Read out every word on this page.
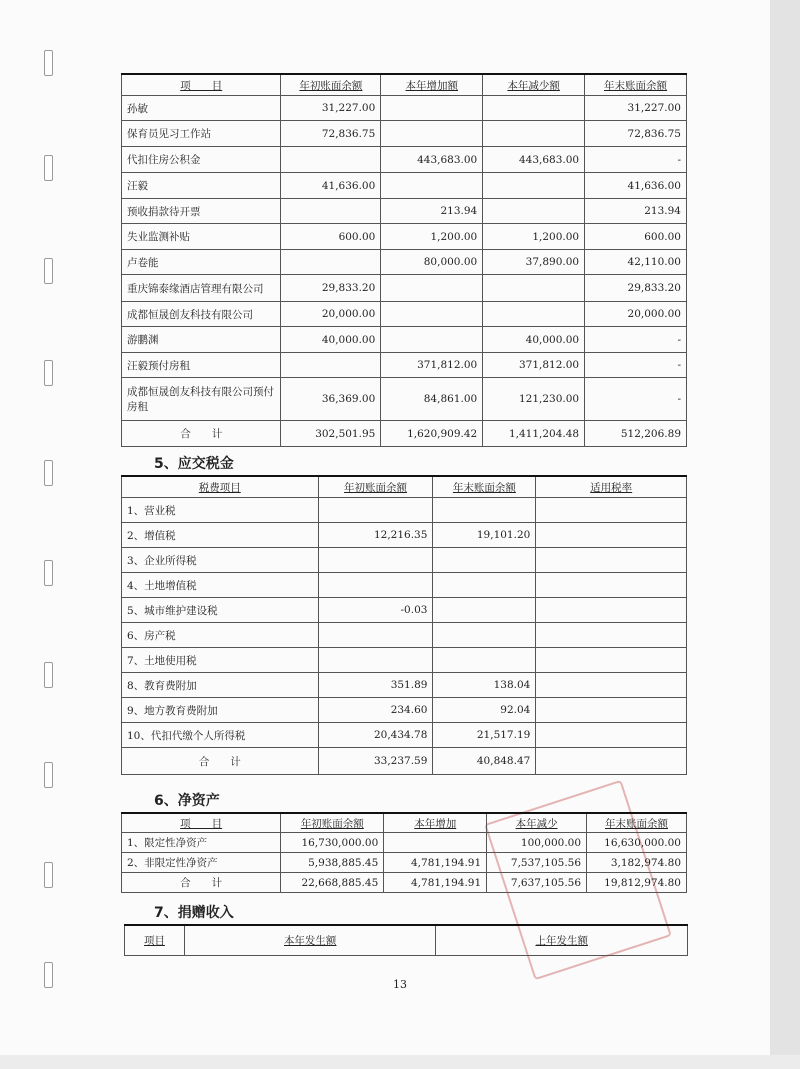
项　　目	年初账面余额	本年增加额	本年减少额	年末账面余额
孙敏	31,227.00			31,227.00
保育员见习工作站	72,836.75			72,836.75
代扣住房公积金		443,683.00	443,683.00	-
汪毅	41,636.00			41,636.00
预收捐款待开票		213.94		213.94
失业监测补贴	600.00	1,200.00	1,200.00	600.00
卢卷能		80,000.00	37,890.00	42,110.00
重庆锦泰缘酒店管理有限公司	29,833.20			29,833.20
成都恒晟创友科技有限公司	20,000.00			20,000.00
游鹏渊	40,000.00		40,000.00	-
汪毅预付房租		371,812.00	371,812.00	-
成都恒晟创友科技有限公司预付房租	36,369.00	84,861.00	121,230.00	-
合　　计	302,501.95	1,620,909.42	1,411,204.48	512,206.89
5、应交税金
税费项目	年初账面余额	年末账面余额	适用税率
1、营业税			
2、增值税	12,216.35	19,101.20	
3、企业所得税			
4、土地增值税			
5、城市维护建设税	-0.03		
6、房产税			
7、土地使用税			
8、教育费附加	351.89	138.04	
9、地方教育费附加	234.60	92.04	
10、代扣代缴个人所得税	20,434.78	21,517.19	
合　　计	33,237.59	40,848.47	
6、净资产
项　　目	年初账面余额	本年增加	本年减少	年末账面余额
1、限定性净资产	16,730,000.00		100,000.00	16,630,000.00
2、非限定性净资产	5,938,885.45	4,781,194.91	7,537,105.56	3,182,974.80
合　　计	22,668,885.45	4,781,194.91	7,637,105.56	19,812,974.80
7、捐赠收入
项目	本年发生额	上年发生额
13
